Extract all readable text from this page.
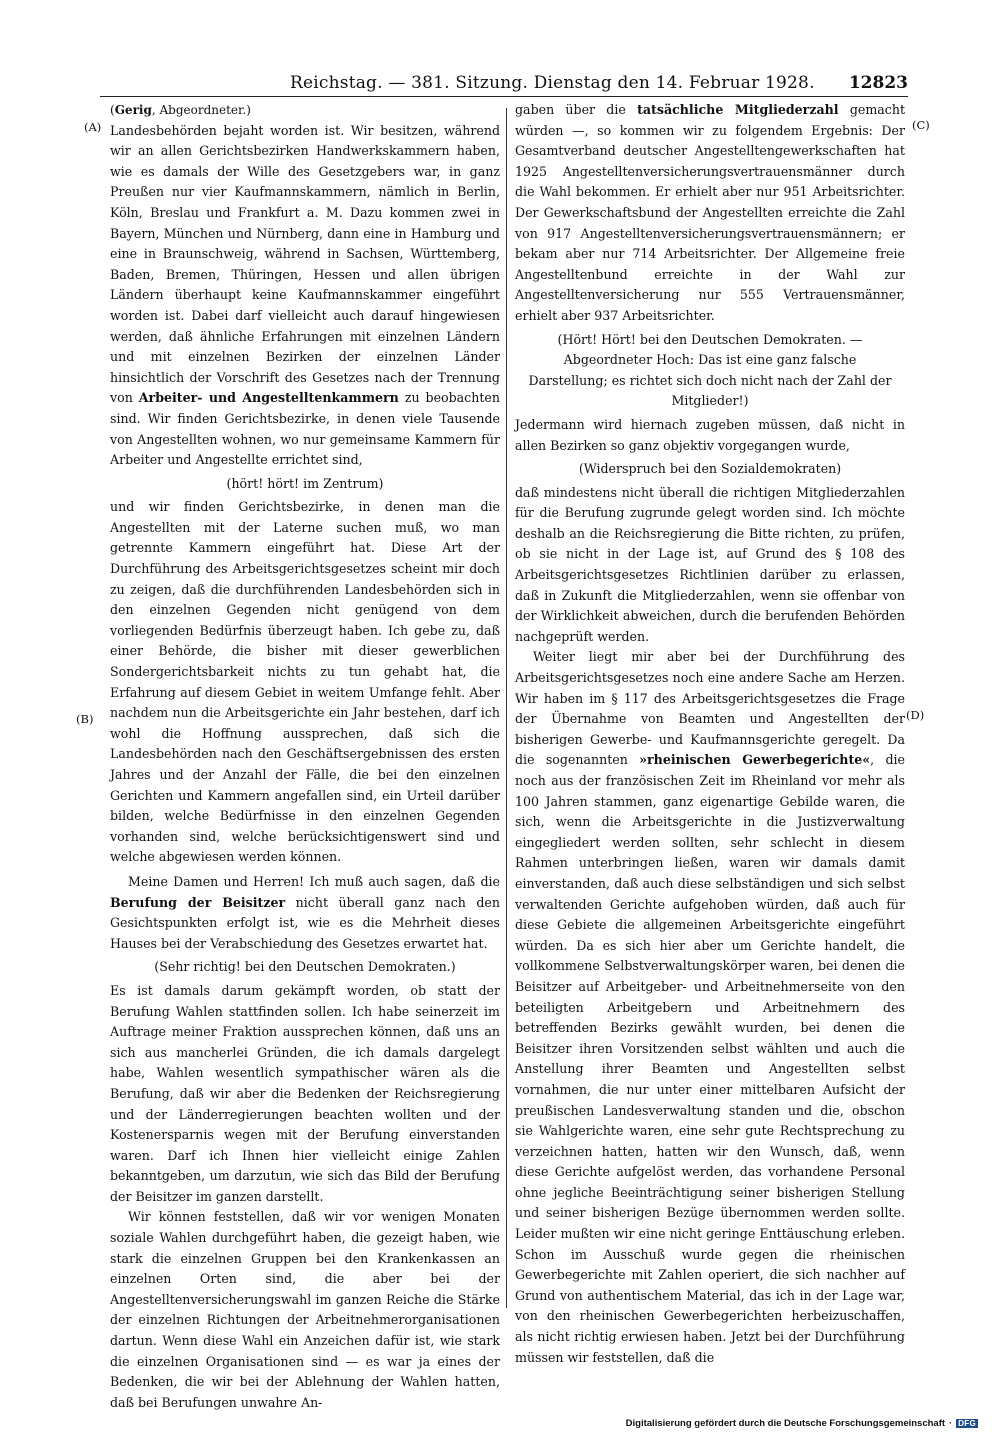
Reichstag. — 381. Sitzung. Dienstag den 14. Februar 1928. 12823
(A)
(B)
(C)
(D)

(Gerig, Abgeordneter.)

Landesbehörden bejaht worden ist. Wir besitzen, während wir an allen Gerichtsbezirken Handwerkskammern haben, wie es damals der Wille des Gesetzgebers war, in ganz Preußen nur vier Kaufmannskammern, nämlich in Berlin, Köln, Breslau und Frankfurt a. M. Dazu kommen zwei in Bayern, München und Nürnberg, dann eine in Hamburg und eine in Braunschweig, während in Sachsen, Württemberg, Baden, Bremen, Thüringen, Hessen und allen übrigen Ländern überhaupt keine Kaufmannskammer eingeführt worden ist. Dabei darf vielleicht auch darauf hingewiesen werden, daß ähnliche Erfahrungen mit einzelnen Ländern und mit einzelnen Bezirken der einzelnen Länder hinsichtlich der Vorschrift des Gesetzes nach der Trennung von Arbeiter- und Angestelltenkammern zu beobachten sind. Wir finden Gerichtsbezirke, in denen viele Tausende von Angestellten wohnen, wo nur gemeinsame Kammern für Arbeiter und Angestellte errichtet sind,

(hört! hört! im Zentrum)

und wir finden Gerichtsbezirke, in denen man die Angestellten mit der Laterne suchen muß, wo man getrennte Kammern eingeführt hat. Diese Art der Durchführung des Arbeitsgerichtsgesetzes scheint mir doch zu zeigen, daß die durchführenden Landesbehörden sich in den einzelnen Gegenden nicht genügend von dem vorliegenden Bedürfnis überzeugt haben. Ich gebe zu, daß einer Behörde, die bisher mit dieser gewerblichen Sondergerichtsbarkeit nichts zu tun gehabt hat, die Erfahrung auf diesem Gebiet in weitem Umfange fehlt. Aber nachdem nun die Arbeitsgerichte ein Jahr bestehen, darf ich wohl die Hoffnung aussprechen, daß sich die Landesbehörden nach den Geschäftsergebnissen des ersten Jahres und der Anzahl der Fälle, die bei den einzelnen Gerichten und Kammern angefallen sind, ein Urteil darüber bilden, welche Bedürfnisse in den einzelnen Gegenden vorhanden sind, welche berücksichtigenswert sind und welche abgewiesen werden können.

Meine Damen und Herren! Ich muß auch sagen, daß die Berufung der Beisitzer nicht überall ganz nach den Gesichtspunkten erfolgt ist, wie es die Mehrheit dieses Hauses bei der Verabschiedung des Gesetzes erwartet hat.

(Sehr richtig! bei den Deutschen Demokraten.)

Es ist damals darum gekämpft worden, ob statt der Berufung Wahlen stattfinden sollen. Ich habe seinerzeit im Auftrage meiner Fraktion aussprechen können, daß uns an sich aus mancherlei Gründen, die ich damals dargelegt habe, Wahlen wesentlich sympathischer wären als die Berufung, daß wir aber die Bedenken der Reichsregierung und der Länderregierungen beachten wollten und der Kostenersparnis wegen mit der Berufung einverstanden waren. Darf ich Ihnen hier vielleicht einige Zahlen bekanntgeben, um darzutun, wie sich das Bild der Berufung der Beisitzer im ganzen darstellt.

Wir können feststellen, daß wir vor wenigen Monaten soziale Wahlen durchgeführt haben, die gezeigt haben, wie stark die einzelnen Gruppen bei den Krankenkassen an einzelnen Orten sind, die aber bei der Angestelltenversicherungswahl im ganzen Reiche die Stärke der einzelnen Richtungen der Arbeitnehmerorganisationen dartun. Wenn diese Wahl ein Anzeichen dafür ist, wie stark die einzelnen Organisationen sind — es war ja eines der Bedenken, die wir bei der Ablehnung der Wahlen hatten, daß bei Berufungen unwahre An-

gaben über die tatsächliche Mitgliederzahl gemacht würden —, so kommen wir zu folgendem Ergebnis: Der Gesamtverband deutscher Angestelltengewerkschaften hat 1925 Angestelltenversicherungsvertrauensmänner durch die Wahl bekommen. Er erhielt aber nur 951 Arbeitsrichter. Der Gewerkschaftsbund der Angestellten erreichte die Zahl von 917 Angestelltenversicherungsvertrauensmännern; er bekam aber nur 714 Arbeitsrichter. Der Allgemeine freie Angestelltenbund erreichte in der Wahl zur Angestelltenversicherung nur 555 Vertrauensmänner, erhielt aber 937 Arbeitsrichter.

(Hört! Hört! bei den Deutschen Demokraten. — Abgeordneter Hoch: Das ist eine ganz falsche Darstellung; es richtet sich doch nicht nach der Zahl der Mitglieder!)

Jedermann wird hiernach zugeben müssen, daß nicht in allen Bezirken so ganz objektiv vorgegangen wurde,

(Widerspruch bei den Sozialdemokraten)

daß mindestens nicht überall die richtigen Mitgliederzahlen für die Berufung zugrunde gelegt worden sind. Ich möchte deshalb an die Reichsregierung die Bitte richten, zu prüfen, ob sie nicht in der Lage ist, auf Grund des § 108 des Arbeitsgerichtsgesetzes Richtlinien darüber zu erlassen, daß in Zukunft die Mitgliederzahlen, wenn sie offenbar von der Wirklichkeit abweichen, durch die berufenden Behörden nachgeprüft werden.

Weiter liegt mir aber bei der Durchführung des Arbeitsgerichtsgesetzes noch eine andere Sache am Herzen. Wir haben im § 117 des Arbeitsgerichtsgesetzes die Frage der Übernahme von Beamten und Angestellten der bisherigen Gewerbe- und Kaufmannsgerichte geregelt. Da die sogenannten »rheinischen Gewerbegerichte«, die noch aus der französischen Zeit im Rheinland vor mehr als 100 Jahren stammen, ganz eigenartige Gebilde waren, die sich, wenn die Arbeitsgerichte in die Justizverwaltung eingegliedert werden sollten, sehr schlecht in diesem Rahmen unterbringen ließen, waren wir damals damit einverstanden, daß auch diese selbständigen und sich selbst verwaltenden Gerichte aufgehoben würden, daß auch für diese Gebiete die allgemeinen Arbeitsgerichte eingeführt würden. Da es sich hier aber um Gerichte handelt, die vollkommene Selbstverwaltungskörper waren, bei denen die Beisitzer auf Arbeitgeber- und Arbeitnehmerseite von den beteiligten Arbeitgebern und Arbeitnehmern des betreffenden Bezirks gewählt wurden, bei denen die Beisitzer ihren Vorsitzenden selbst wählten und auch die Anstellung ihrer Beamten und Angestellten selbst vornahmen, die nur unter einer mittelbaren Aufsicht der preußischen Landesverwaltung standen und die, obschon sie Wahlgerichte waren, eine sehr gute Rechtsprechung zu verzeichnen hatten, hatten wir den Wunsch, daß, wenn diese Gerichte aufgelöst werden, das vorhandene Personal ohne jegliche Beeinträchtigung seiner bisherigen Stellung und seiner bisherigen Bezüge übernommen werden sollte. Leider mußten wir eine nicht geringe Enttäuschung erleben. Schon im Ausschuß wurde gegen die rheinischen Gewerbegerichte mit Zahlen operiert, die sich nachher auf Grund von authentischem Material, das ich in der Lage war, von den rheinischen Gewerbegerichten herbeizuschaffen, als nicht richtig erwiesen haben. Jetzt bei der Durchführung müssen wir feststellen, daß die

Digitalisierung gefördert durch die Deutsche Forschungsgemeinschaft · DFG
